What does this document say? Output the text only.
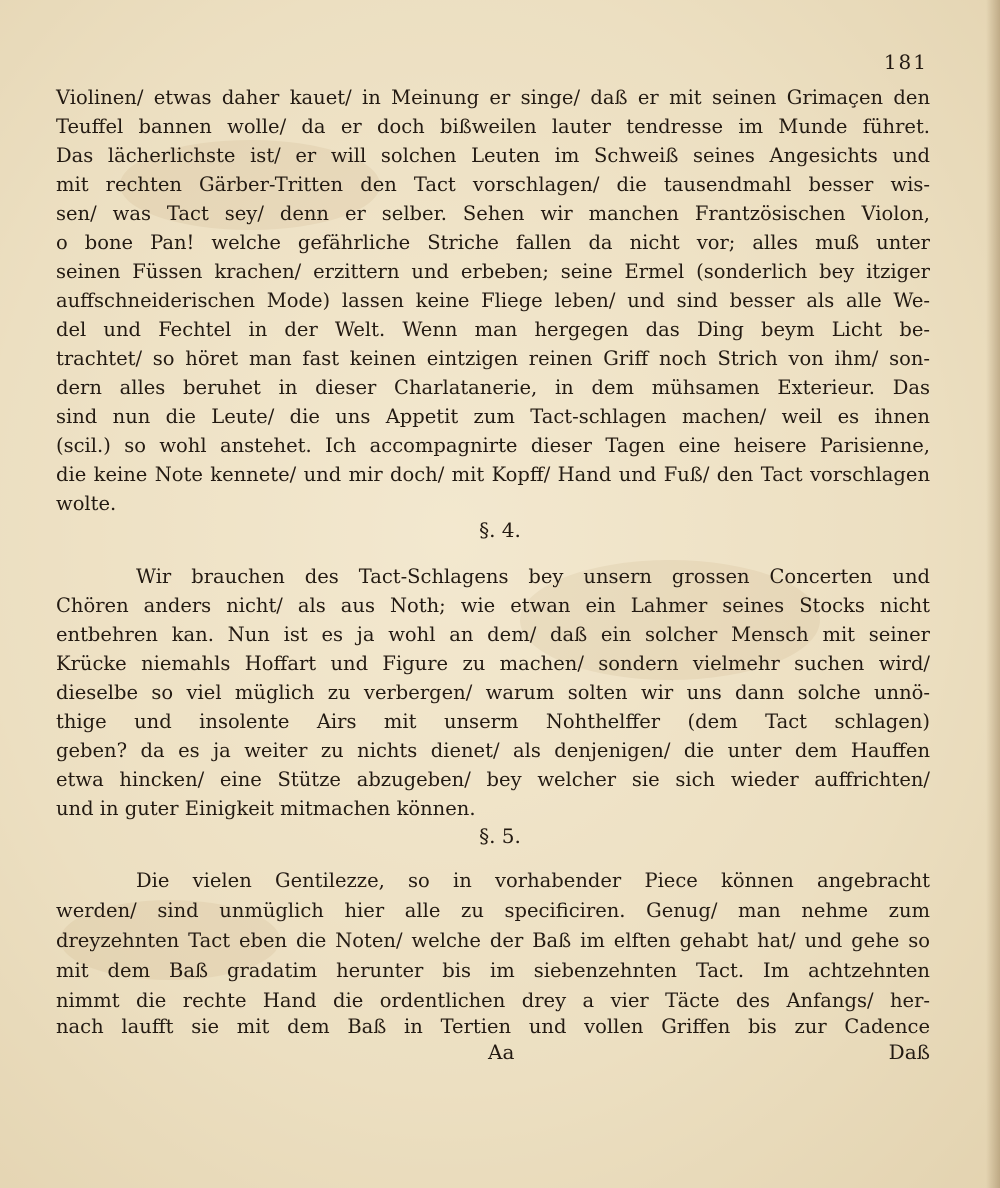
181
Violinen/ etwas daher kauet/ in Meinung er singe/ daß er mit seinen Grimaçen den
Teuffel bannen wolle/ da er doch bißweilen lauter tendresse im Munde führet.
Das lächerlichste ist/ er will solchen Leuten im Schweiß seines Angesichts und
mit rechten Gärber-Tritten den Tact vorschlagen/ die tausendmahl besser wis-
sen/ was Tact sey/ denn er selber. Sehen wir manchen Frantzösischen Violon,
o bone Pan! welche gefährliche Striche fallen da nicht vor; alles muß unter
seinen Füssen krachen/ erzittern und erbeben; seine Ermel (sonderlich bey itziger
auffschneiderischen Mode) lassen keine Fliege leben/ und sind besser als alle We-
del und Fechtel in der Welt. Wenn man hergegen das Ding beym Licht be-
trachtet/ so höret man fast keinen eintzigen reinen Griff noch Strich von ihm/ son-
dern alles beruhet in dieser Charlatanerie, in dem mühsamen Exterieur. Das
sind nun die Leute/ die uns Appetit zum Tact-schlagen machen/ weil es ihnen
(scil.) so wohl anstehet. Ich accompagnirte dieser Tagen eine heisere Parisienne,
die keine Note kennete/ und mir doch/ mit Kopff/ Hand und Fuß/ den Tact vorschlagen
wolte.
§. 4.
Wir brauchen des Tact-Schlagens bey unsern grossen Concerten und
Chören anders nicht/ als aus Noth; wie etwan ein Lahmer seines Stocks nicht
entbehren kan. Nun ist es ja wohl an dem/ daß ein solcher Mensch mit seiner
Krücke niemahls Hoffart und Figure zu machen/ sondern vielmehr suchen wird/
dieselbe so viel müglich zu verbergen/ warum solten wir uns dann solche unnö-
thige und insolente Airs mit unserm Nohthelffer (dem Tact schlagen)
geben? da es ja weiter zu nichts dienet/ als denjenigen/ die unter dem Hauffen
etwa hincken/ eine Stütze abzugeben/ bey welcher sie sich wieder auffrichten/
und in guter Einigkeit mitmachen können.
§. 5.
Die vielen Gentilezze, so in vorhabender Piece können angebracht
werden/ sind unmüglich hier alle zu specificiren. Genug/ man nehme zum
dreyzehnten Tact eben die Noten/ welche der Baß im elften gehabt hat/ und gehe so
mit dem Baß gradatim herunter bis im siebenzehnten Tact. Im achtzehnten
nimmt die rechte Hand die ordentlichen drey a vier Täcte des Anfangs/ her-
nach laufft sie mit dem Baß in Tertien und vollen Griffen bis zur Cadence
Aa	Daß
